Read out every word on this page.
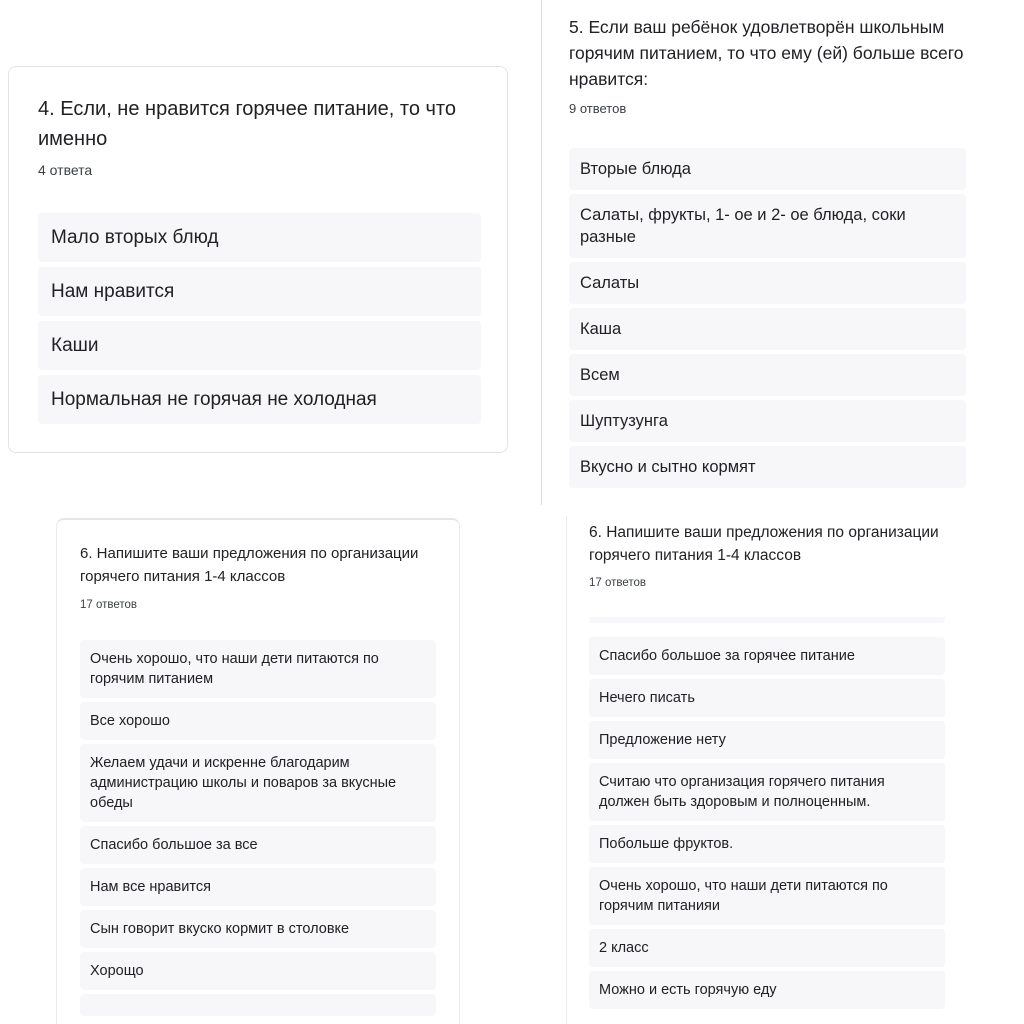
4. Если, не нравится горячее питание, то что именно
4 ответа
Мало вторых блюд
Нам нравится
Каши
Нормальная не горячая не холодная
5. Если ваш ребёнок удовлетворён школьным горячим питанием, то что ему (ей) больше всего нравится:
9 ответов
Вторые блюда
Салаты, фрукты, 1- ое и 2- ое блюда, соки разные
Салаты
Каша
Всем
Шуптузунга
Вкусно и сытно кормят
6. Напишите ваши предложения по организации горячего питания 1-4 классов
17 ответов
Очень хорошо, что наши дети питаются по горячим питанием
Все хорошо
Желаем удачи и искренне благодарим администрацию школы и поваров за вкусные обеды
Спасибо большое за все
Нам все нравится
Сын говорит вкуско кормит в столовке
Хорощо
6. Напишите ваши предложения по организации горячего питания 1-4 классов
17 ответов
Спасибо большое за горячее питание
Нечего писать
Предложение нету
Считаю что организация горячего питания должен быть здоровым и полноценным.
Побольше фруктов.
Очень хорошо, что наши дети питаются по горячим питанияи
2 класс
Можно и есть горячую еду
